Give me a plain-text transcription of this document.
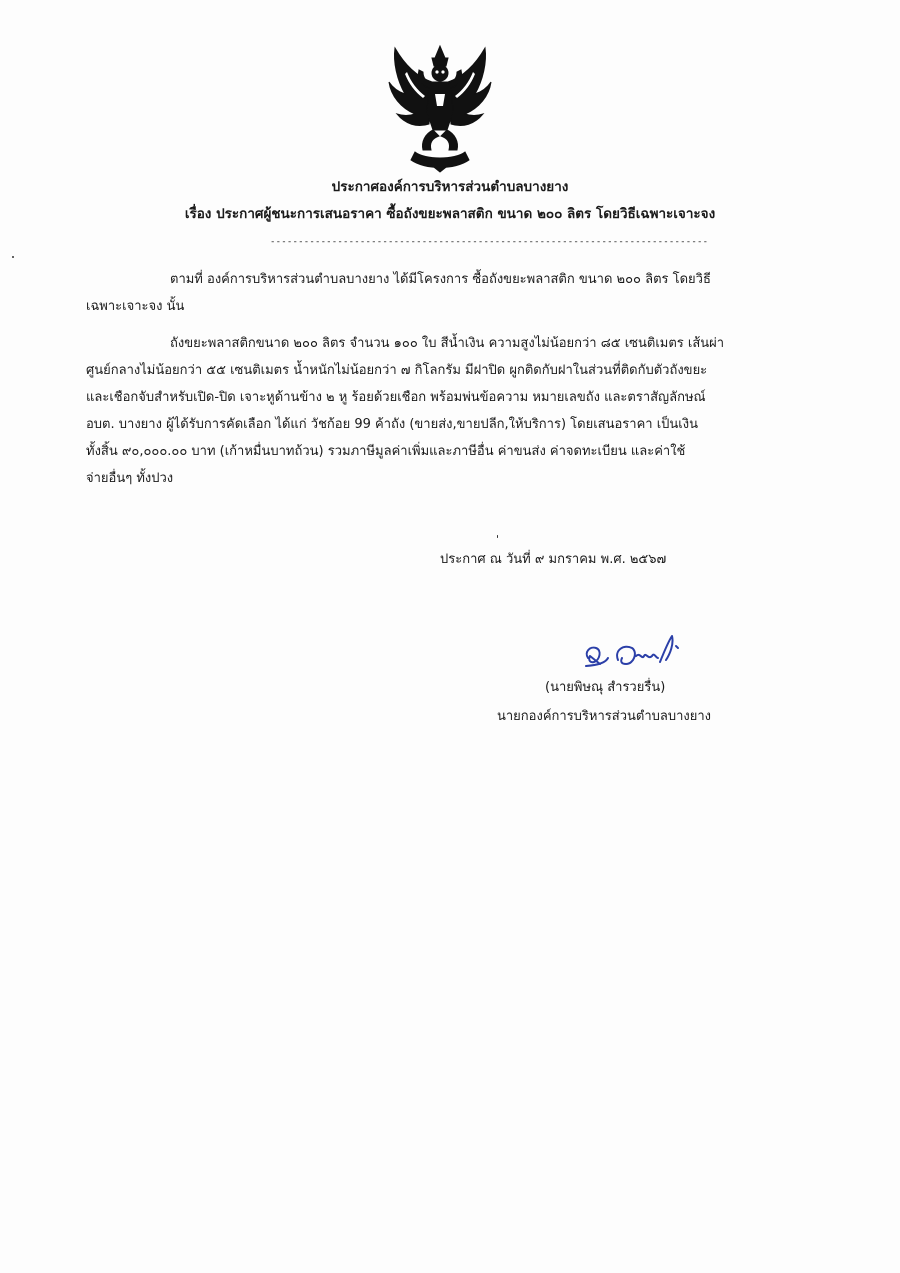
ประกาศองค์การบริหารส่วนตำบลบางยาง
เรื่อง ประกาศผู้ชนะการเสนอราคา ซื้อถังขยะพลาสติก ขนาด ๒๐๐ ลิตร โดยวิธีเฉพาะเจาะจง
------------------------------------------------------------------------------
ตามที่ องค์การบริหารส่วนตำบลบางยาง ได้มีโครงการ ซื้อถังขยะพลาสติก ขนาด ๒๐๐ ลิตร โดยวิธี
เฉพาะเจาะจง นั้น
ถังขยะพลาสติกขนาด ๒๐๐ ลิตร จำนวน ๑๐๐ ใบ สีน้ำเงิน ความสูงไม่น้อยกว่า ๘๕ เซนติเมตร เส้นผ่า
ศูนย์กลางไม่น้อยกว่า ๕๕ เซนติเมตร น้ำหนักไม่น้อยกว่า ๗ กิโลกรัม มีฝาปิด ผูกติดกับฝาในส่วนที่ติดกับตัวถังขยะ
และเชือกจับสำหรับเปิด-ปิด เจาะหูด้านข้าง ๒ หู ร้อยด้วยเชือก พร้อมพ่นข้อความ หมายเลขถัง และตราสัญลักษณ์
อบต. บางยาง ผู้ได้รับการคัดเลือก ได้แก่ วัชก้อย 99 ค้าถัง (ขายส่ง,ขายปลีก,ให้บริการ) โดยเสนอราคา เป็นเงิน
ทั้งสิ้น ๙๐,๐๐๐.๐๐ บาท (เก้าหมื่นบาทถ้วน) รวมภาษีมูลค่าเพิ่มและภาษีอื่น ค่าขนส่ง ค่าจดทะเบียน และค่าใช้
จ่ายอื่นๆ ทั้งปวง
ประกาศ ณ วันที่ ๙ มกราคม พ.ศ. ๒๕๖๗
(นายพิษณุ สำรวยรื่น)
นายกองค์การบริหารส่วนตำบลบางยาง
